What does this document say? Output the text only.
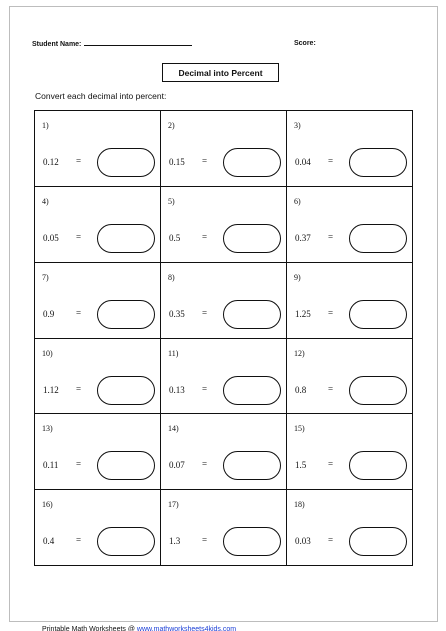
Student Name:	Score:
Decimal into Percent
Convert each decimal into percent:
1)
0.12 =
2)
0.15 =
3)
0.04 =
4)
0.05 =
5)
0.5 =
6)
0.37 =
7)
0.9 =
8)
0.35 =
9)
1.25 =
10)
1.12 =
11)
0.13 =
12)
0.8 =
13)
0.11 =
14)
0.07 =
15)
1.5 =
16)
0.4 =
17)
1.3 =
18)
0.03 =
Printable Math Worksheets @ www.mathworksheets4kids.com
